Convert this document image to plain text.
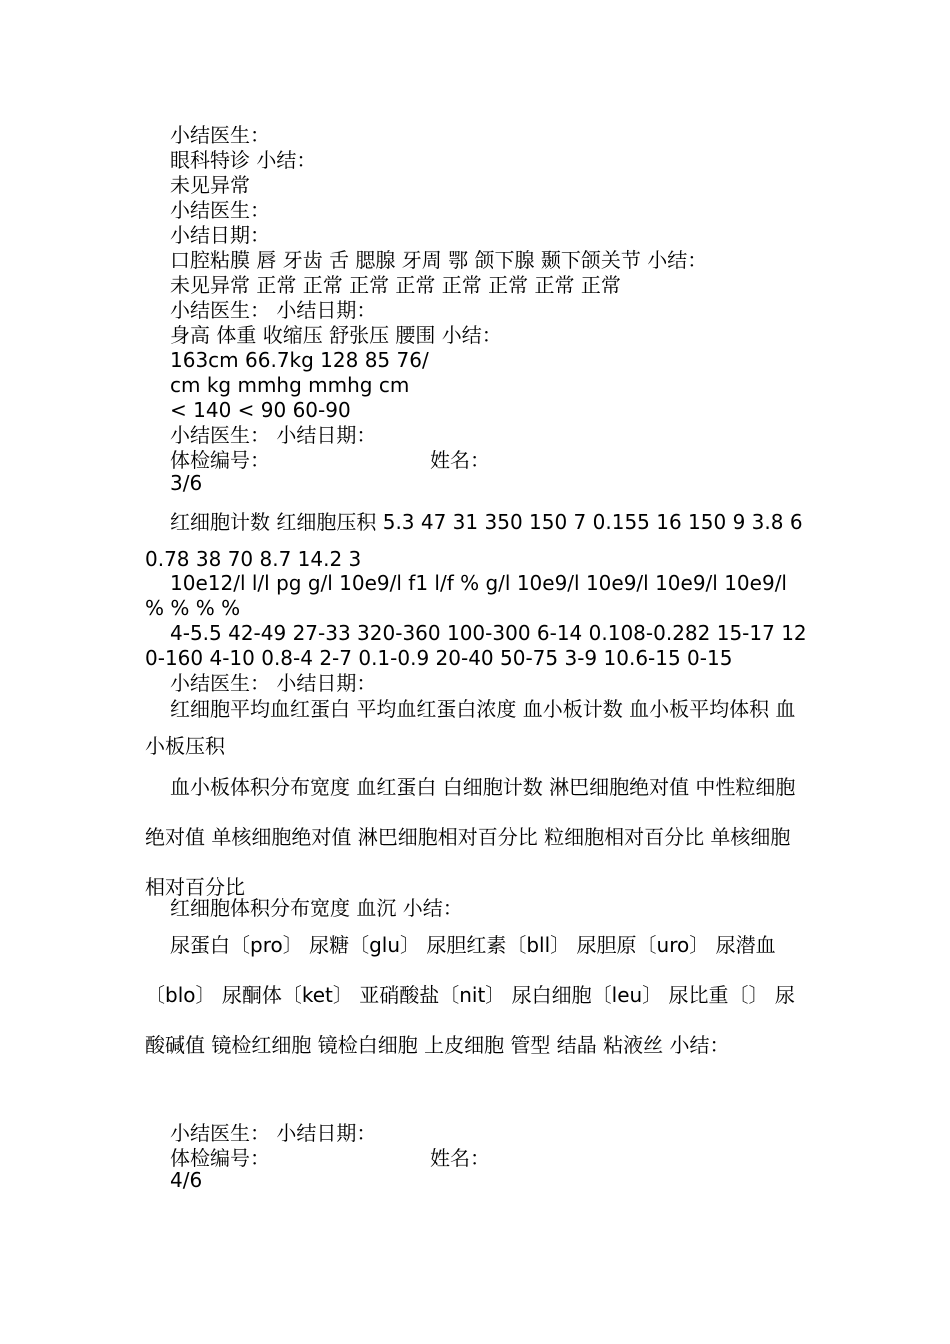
小结医生：
眼科特诊 小结：
未见异常
小结医生：
小结日期：
口腔粘膜 唇 牙齿 舌 腮腺 牙周 鄂 颌下腺 颞下颌关节 小结：
未见异常 正常 正常 正常 正常 正常 正常 正常 正常
小结医生： 小结日期：
身高 体重 收缩压 舒张压 腰围 小结：
163cm 66.7kg 128 85 76/
cm kg mmhg mmhg cm
< 140 < 90 60-90
小结医生： 小结日期：
体检编号：	姓名：
3/6
红细胞计数 红细胞压积 5.3 47 31 350 150 7 0.155 16 150 9 3.8 6 0.78 38 70 8.7 14.2 3
10e12/l l/l pg g/l 10e9/l f1 l/f % g/l 10e9/l 10e9/l 10e9/l 10e9/l % % % %
4-5.5 42-49 27-33 320-360 100-300 6-14 0.108-0.282 15-17 120-160 4-10 0.8-4 2-7 0.1-0.9 20-40 50-75 3-9 10.6-15 0-15
小结医生： 小结日期：
红细胞平均血红蛋白 平均血红蛋白浓度 血小板计数 血小板平均体积 血小板压积
血小板体积分布宽度 血红蛋白 白细胞计数 淋巴细胞绝对值 中性粒细胞绝对值 单核细胞绝对值 淋巴细胞相对百分比 粒细胞相对百分比 单核细胞相对百分比
红细胞体积分布宽度 血沉 小结：
尿蛋白〔pro〕 尿糖〔glu〕 尿胆红素〔bll〕 尿胆原〔uro〕 尿潜血〔blo〕 尿酮体〔ket〕 亚硝酸盐〔nit〕 尿白细胞〔leu〕 尿比重〔〕 尿酸碱值 镜检红细胞 镜检白细胞 上皮细胞 管型 结晶 粘液丝 小结：
小结医生： 小结日期：
体检编号：	姓名：
4/6
